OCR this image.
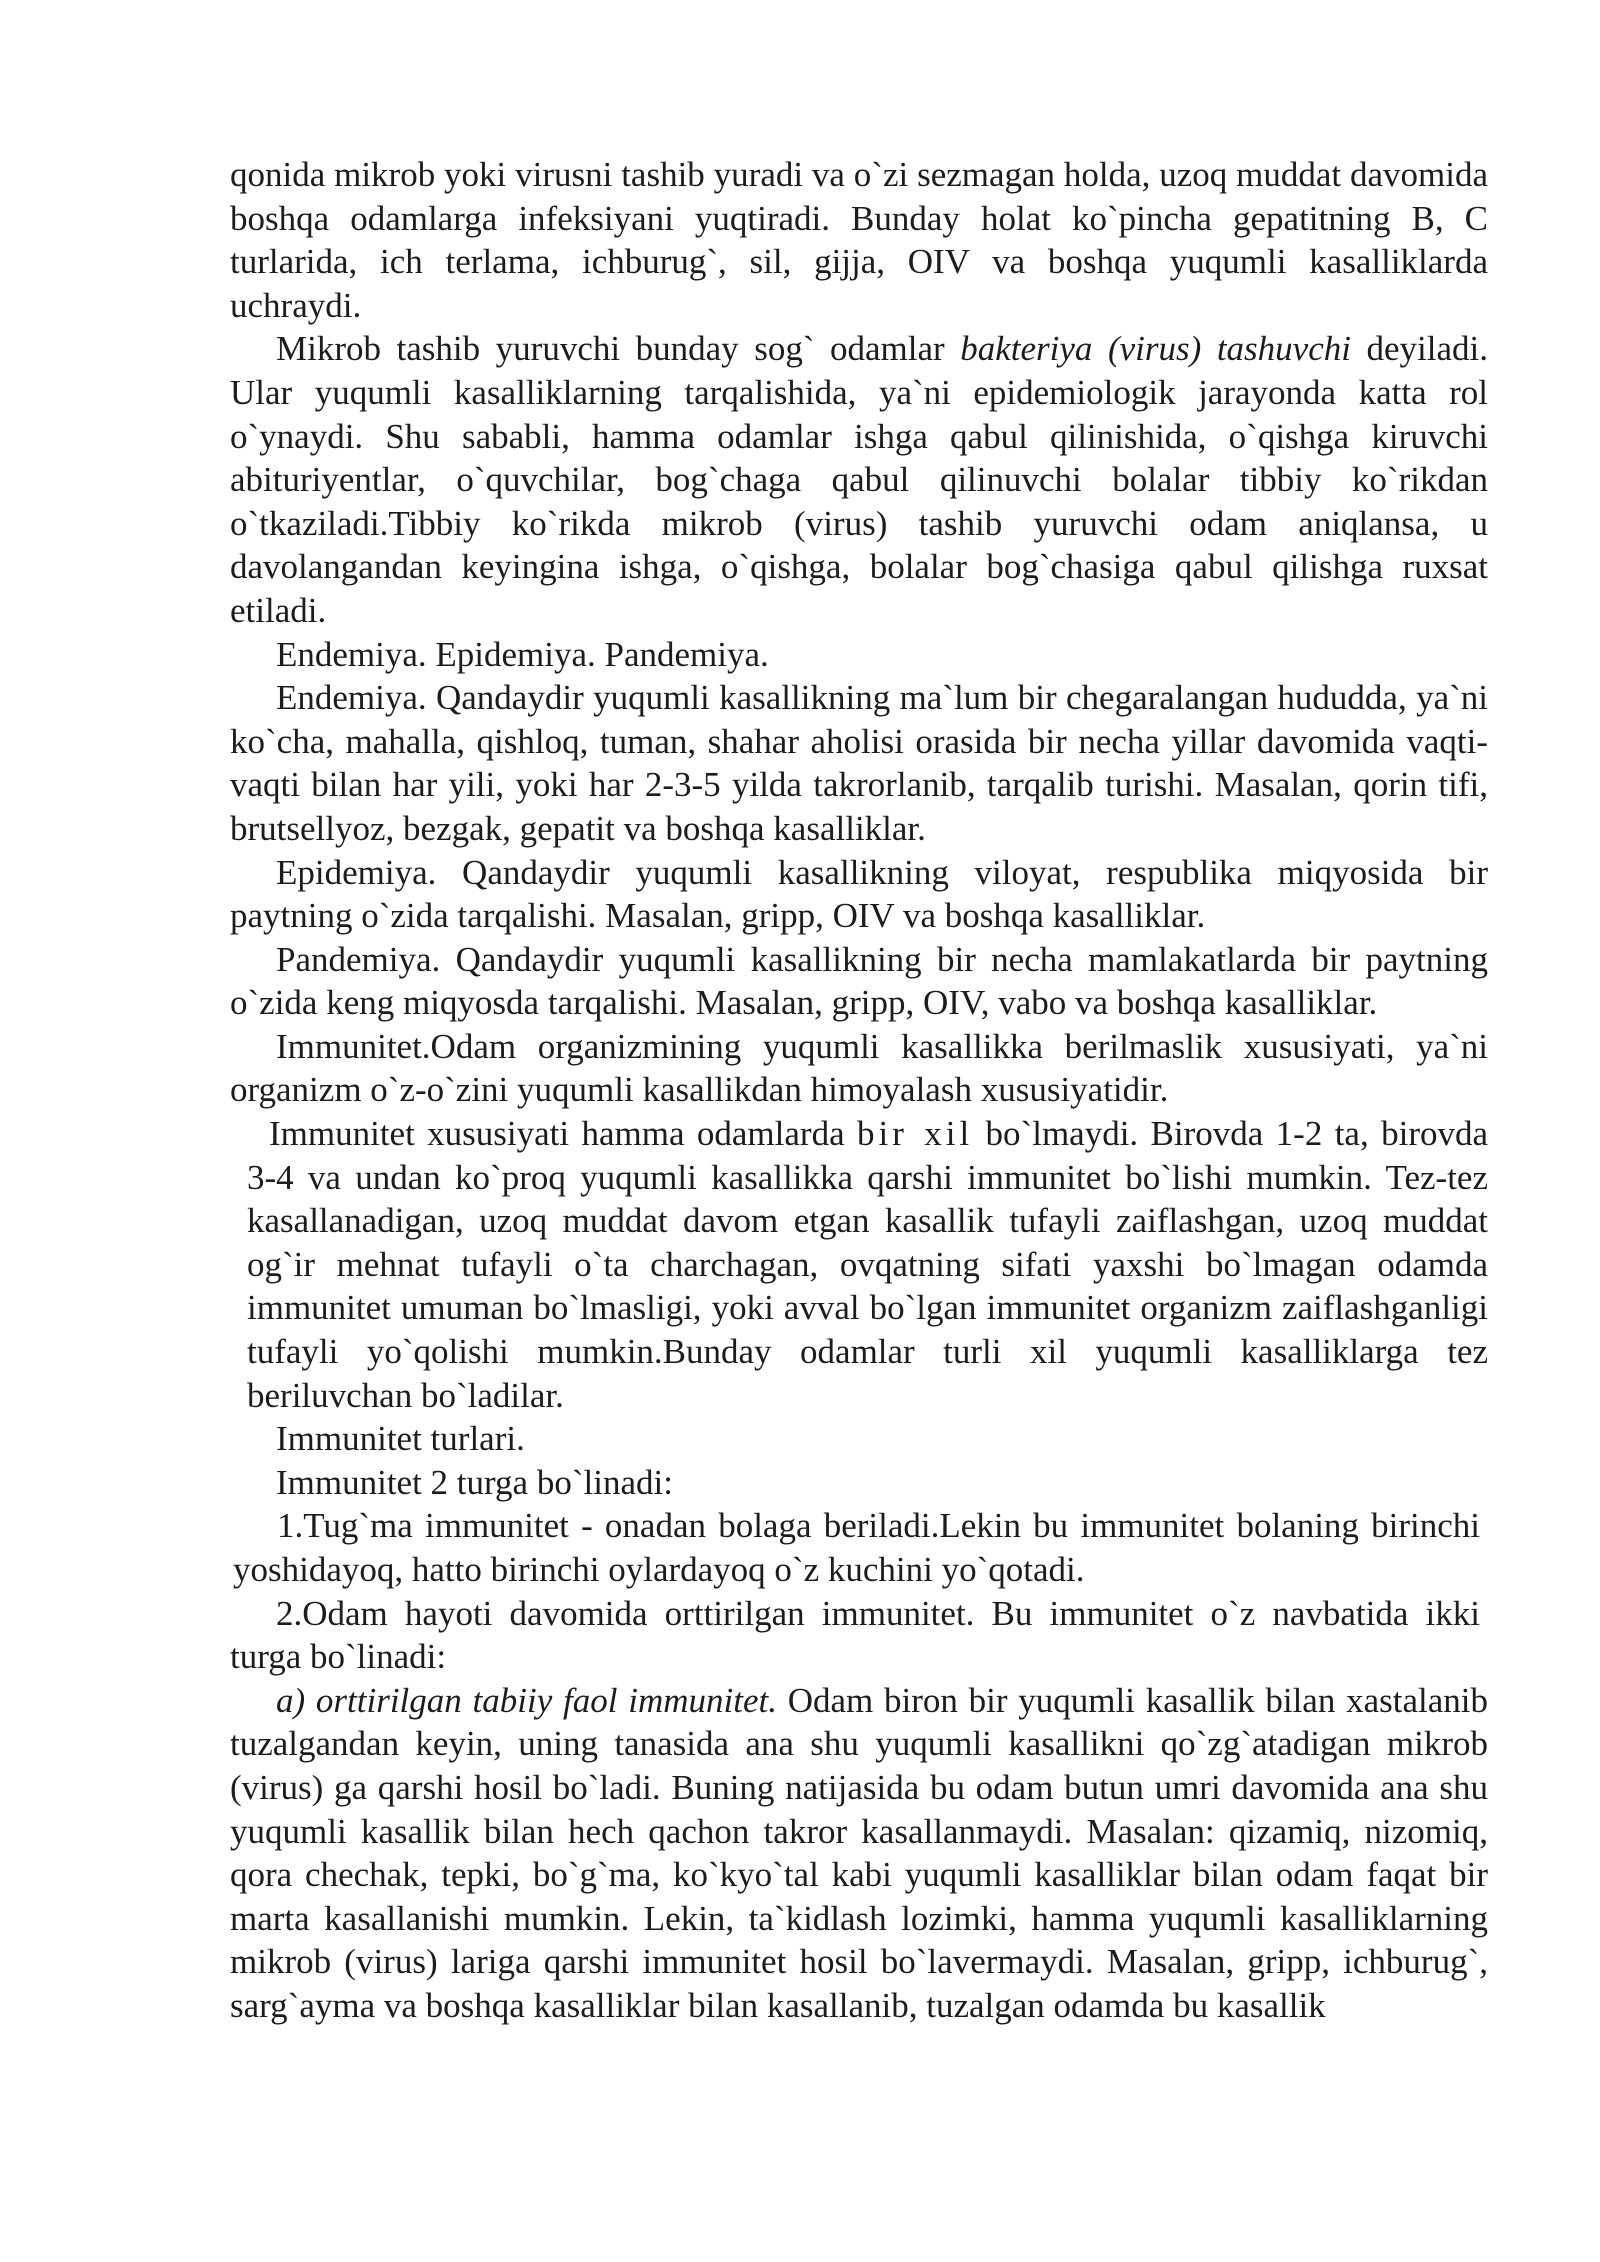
qonida mikrob yoki virusni tashib yuradi va o`zi sezmagan holda, uzoq muddat davomida boshqa odamlarga infeksiyani yuqtiradi. Bunday holat ko`pincha gepatitning B, C turlarida, ich terlama, ichburug`, sil, gijja, OIV va boshqa yuqumli kasalliklarda uchraydi.

Mikrob tashib yuruvchi bunday sog` odamlar bakteriya (virus) tashuvchi deyiladi. Ular yuqumli kasalliklarning tarqalishida, ya`ni epidemiologik jarayonda katta rol o`ynaydi. Shu sababli, hamma odamlar ishga qabul qilinishida, o`qishga kiruvchi abituriyentlar, o`quvchilar, bog`chaga qabul qilinuvchi bolalar tibbiy ko`rikdan o`tkaziladi.Tibbiy ko`rikda mikrob (virus) tashib yuruvchi odam aniqlansa, u davolangandan keyingina ishga, o`qishga, bolalar bog`chasiga qabul qilishga ruxsat etiladi.

Endemiya. Epidemiya. Pandemiya.

Endemiya. Qandaydir yuqumli kasallikning ma`lum bir chegaralangan hududda, ya`ni ko`cha, mahalla, qishloq, tuman, shahar aholisi orasida bir necha yillar davomida vaqti-vaqti bilan har yili, yoki har 2-3-5 yilda takrorlanib, tarqalib turishi. Masalan, qorin tifi, brutsellyoz, bezgak, gepatit va boshqa kasalliklar.

Epidemiya. Qandaydir yuqumli kasallikning viloyat, respublika miqyosida bir paytning o`zida tarqalishi. Masalan, gripp, OIV va boshqa kasalliklar.

Pandemiya. Qandaydir yuqumli kasallikning bir necha mamlakatlarda bir paytning o`zida keng miqyosda tarqalishi. Masalan, gripp, OIV, vabo va boshqa kasalliklar.

Immunitet.Odam organizmining yuqumli kasallikka berilmaslik xususiyati, ya`ni organizm o`z-o`zini yuqumli kasallikdan himoyalash xususiyatidir.

Immunitet xususiyati hamma odamlarda bir xil bo`lmaydi. Birovda 1-2 ta, birovda 3-4 va undan ko`proq yuqumli kasallikka qarshi immunitet bo`lishi mumkin. Tez-tez kasallanadigan, uzoq muddat davom etgan kasallik tufayli zaiflashgan, uzoq muddat og`ir mehnat tufayli o`ta charchagan, ovqatning sifati yaxshi bo`lmagan odamda immunitet umuman bo`lmasligi, yoki avval bo`lgan immunitet organizm zaiflashganligi tufayli yo`qolishi mumkin.Bunday odamlar turli xil yuqumli kasalliklarga tez beriluvchan bo`ladilar.

Immunitet turlari.

Immunitet 2 turga bo`linadi:

1.Tug`ma immunitet - onadan bolaga beriladi.Lekin bu immunitet bolaning birinchi yoshidayoq, hatto birinchi oylardayoq o`z kuchini yo`qotadi.

2.Odam hayoti davomida orttirilgan immunitet. Bu immunitet o`z navbatida ikki turga bo`linadi:

a) orttirilgan tabiiy faol immunitet. Odam biron bir yuqumli kasallik bilan xastalanib tuzalgandan keyin, uning tanasida ana shu yuqumli kasallikni qo`zg`atadigan mikrob (virus) ga qarshi hosil bo`ladi. Buning natijasida bu odam butun umri davomida ana shu yuqumli kasallik bilan hech qachon takror kasallanmaydi. Masalan: qizamiq, nizomiq, qora chechak, tepki, bo`g`ma, ko`kyo`tal kabi yuqumli kasalliklar bilan odam faqat bir marta kasallanishi mumkin. Lekin, ta`kidlash lozimki, hamma yuqumli kasalliklarning mikrob (virus) lariga qarshi immunitet hosil bo`lavermaydi. Masalan, gripp, ichburug`, sarg`ayma va boshqa kasalliklar bilan kasallanib, tuzalgan odamda bu kasallik
